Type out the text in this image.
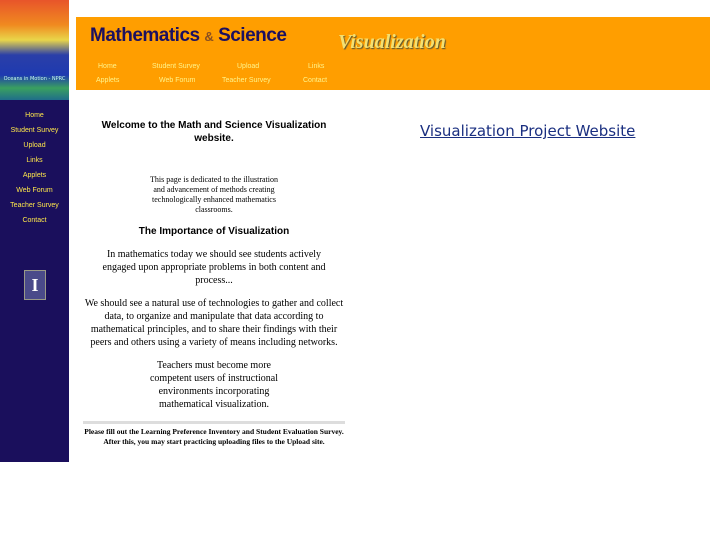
Oceans in Motion - NPRC
Mathematics & Science	Visualization
Home	Student Survey	Upload	Links
Applets	Web Forum	Teacher Survey	Contact
Home
Student Survey
Upload
Links
Applets
Web Forum
Teacher Survey
Contact
I
Welcome to the Math and Science Visualization website.
This page is dedicated to the illustration and advancement of methods creating technologically enhanced mathematics classrooms.
The Importance of Visualization
In mathematics today we should see students actively engaged upon appropriate problems in both content and process...
We should see a natural use of technologies to gather and collect data, to organize and manipulate that data according to mathematical principles, and to share their findings with their peers and others using a variety of means including networks.
Teachers must become more competent users of instructional environments incorporating mathematical visualization.
Please fill out the Learning Preference Inventory and Student Evaluation Survey. After this, you may start practicing uploading files to the Upload site.
Visualization Project Website
